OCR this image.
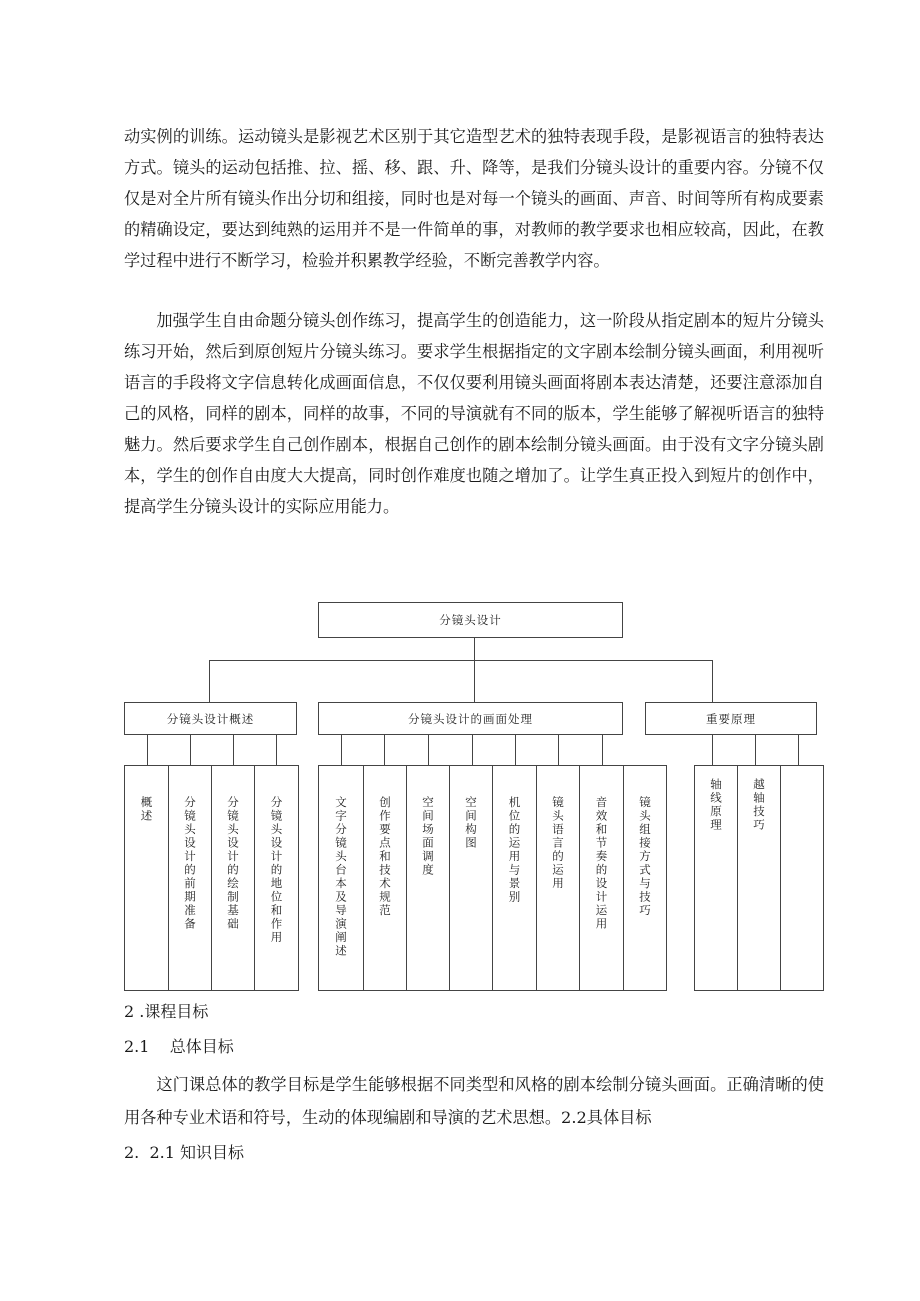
动实例的训练。运动镜头是影视艺术区别于其它造型艺术的独特表现手段，是影视语言的独特表达方式。镜头的运动包括推、拉、摇、移、跟、升、降等，是我们分镜头设计的重要内容。分镜不仅仅是对全片所有镜头作出分切和组接，同时也是对每一个镜头的画面、声音、时间等所有构成要素的精确设定，要达到纯熟的运用并不是一件简单的事，对教师的教学要求也相应较高，因此，在教学过程中进行不断学习，检验并积累教学经验，不断完善教学内容。

加强学生自由命题分镜头创作练习，提高学生的创造能力，这一阶段从指定剧本的短片分镜头练习开始，然后到原创短片分镜头练习。要求学生根据指定的文字剧本绘制分镜头画面，利用视听语言的手段将文字信息转化成画面信息，不仅仅要利用镜头画面将剧本表达清楚，还要注意添加自己的风格，同样的剧本，同样的故事，不同的导演就有不同的版本，学生能够了解视听语言的独特魅力。然后要求学生自己创作剧本，根据自己创作的剧本绘制分镜头画面。由于没有文字分镜头剧本，学生的创作自由度大大提高，同时创作难度也随之增加了。让学生真正投入到短片的创作中，提高学生分镜头设计的实际应用能力。

分镜头设计
分镜头设计概述	分镜头设计的画面处理	重要原理
概述	分镜头设计的前期准备	分镜头设计的绘制基础	分镜头设计的地位和作用	文字分镜头台本及导演阐述	创作要点和技术规范	空间场面调度	空间构图	机位的运用与景别	镜头语言的运用	音效和节奏的设计运用	镜头组接方式与技巧	轴线原理	越轴技巧

2 .课程目标

2.1    总体目标

这门课总体的教学目标是学生能够根据不同类型和风格的剧本绘制分镜头画面。正确清晰的使用各种专业术语和符号，生动的体现编剧和导演的艺术思想。2.2具体目标

2.  2.1 知识目标
